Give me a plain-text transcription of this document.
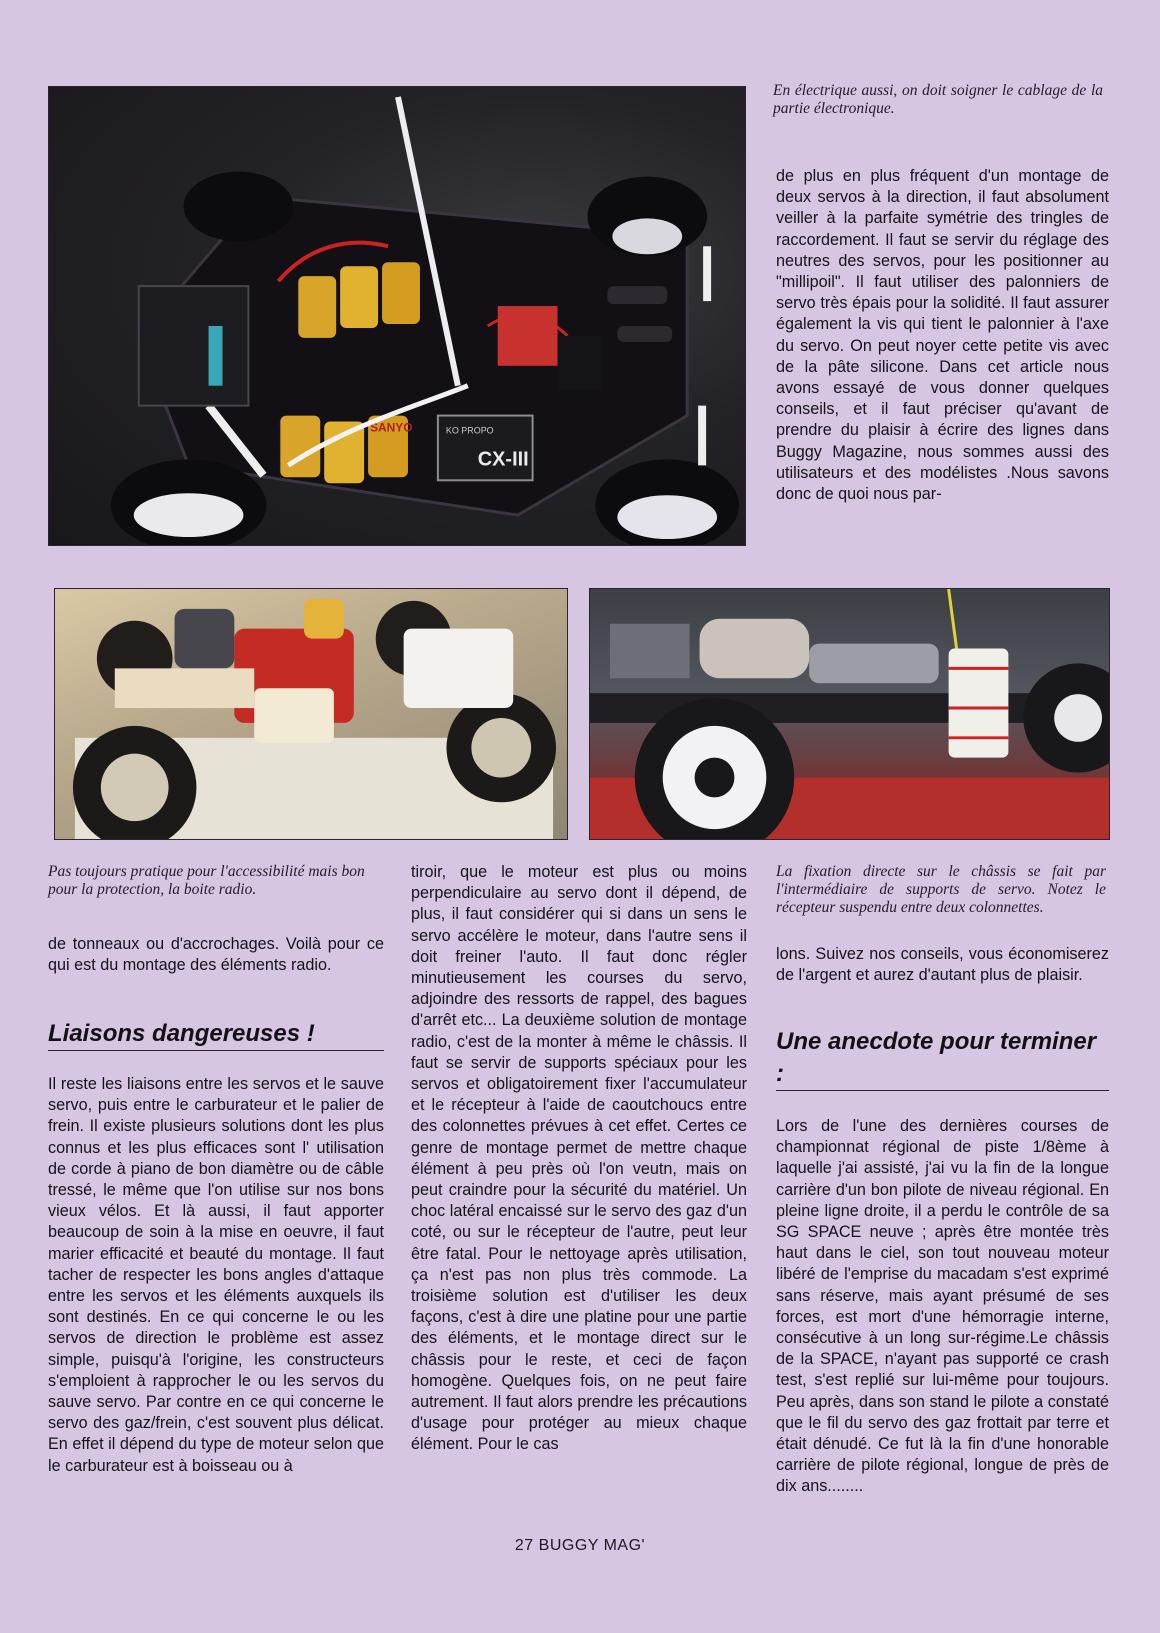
SANYO	KO PROPO
CX-III
En électrique aussi, on doit soigner le cablage de la partie électronique.

de plus en plus fréquent d'un montage de deux servos à la direction, il faut absolument veiller à la parfaite symétrie des tringles de raccordement. Il faut se servir du réglage des neutres des servos, pour les positionner au "millipoil". Il faut utiliser des palonniers de servo très épais pour la solidité. Il faut assurer également la vis qui tient le palonnier à l'axe du servo. On peut noyer cette petite vis avec de la pâte silicone. Dans cet article nous avons essayé de vous donner quelques conseils, et il faut préciser qu'avant de prendre du plaisir à écrire des lignes dans Buggy Magazine, nous sommes aussi des utilisateurs et des modélistes .Nous savons donc de quoi nous par-

Pas toujours pratique pour l'accessibilité mais bon pour la protection, la boite radio.
La fixation directe sur le châssis se fait par l'intermédiaire de supports de servo. Notez le récepteur suspendu entre deux colonnettes.

de tonneaux ou d'accrochages. Voilà pour ce qui est du montage des éléments radio.

Liaisons dangereuses !

Il reste les liaisons entre les servos et le sauve servo, puis entre le carburateur et le palier de frein. Il existe plusieurs solutions dont les plus connus et les plus efficaces sont l' utilisation de corde à piano de bon diamètre ou de câble tressé, le même que l'on utilise sur nos bons vieux vélos. Et là aussi, il faut apporter beaucoup de soin à la mise en oeuvre, il faut marier efficacité et beauté du montage. Il faut tacher de respecter les bons angles d'attaque entre les servos et les éléments auxquels ils sont destinés. En ce qui concerne le ou les servos de direction le problème est assez simple, puisqu'à l'origine, les constructeurs s'emploient à rapprocher le ou les servos du sauve servo. Par contre en ce qui concerne le servo des gaz/frein, c'est souvent plus délicat. En effet il dépend du type de moteur selon que le carburateur est à boisseau ou à

tiroir, que le moteur est plus ou moins perpendiculaire au servo dont il dépend, de plus, il faut considérer qui si dans un sens le servo accélère le moteur, dans l'autre sens il doit freiner l'auto. Il faut donc régler minutieusement les courses du servo, adjoindre des ressorts de rappel, des bagues d'arrêt etc... La deuxième solution de montage radio, c'est de la monter à même le châssis. Il faut se servir de supports spéciaux pour les servos et obligatoirement fixer l'accumulateur et le récepteur à l'aide de caoutchoucs entre des colonnettes prévues à cet effet. Certes ce genre de montage permet de mettre chaque élément à peu près où l'on veutn, mais on peut craindre pour la sécurité du matériel. Un choc latéral encaissé sur le servo des gaz d'un coté, ou sur le récepteur de l'autre, peut leur être fatal. Pour le nettoyage après utilisation, ça n'est pas non plus très commode. La troisième solution est d'utiliser les deux façons, c'est à dire une platine pour une partie des éléments, et le montage direct sur le châssis pour le reste, et ceci de façon homogène. Quelques fois, on ne peut faire autrement. Il faut alors prendre les précautions d'usage pour protéger au mieux chaque élément. Pour le cas

lons. Suivez nos conseils, vous économiserez de l'argent et aurez d'autant plus de plaisir.

Une anecdote pour terminer :

Lors de l'une des dernières courses de championnat régional de piste 1/8ème à laquelle j'ai assisté, j'ai vu la fin de la longue carrière d'un bon pilote de niveau régional. En pleine ligne droite, il a perdu le contrôle de sa SG SPACE neuve ; après être montée très haut dans le ciel, son tout nouveau moteur libéré de l'emprise du macadam s'est exprimé sans réserve, mais ayant présumé de ses forces, est mort d'une hémorragie interne, consécutive à un long sur-régime.Le châssis de la SPACE, n'ayant pas supporté ce crash test, s'est replié sur lui-même pour toujours. Peu après, dans son stand le pilote a constaté que le fil du servo des gaz frottait par terre et était dénudé. Ce fut là la fin d'une honorable carrière de pilote régional, longue de près de dix ans........

27 BUGGY MAG'
